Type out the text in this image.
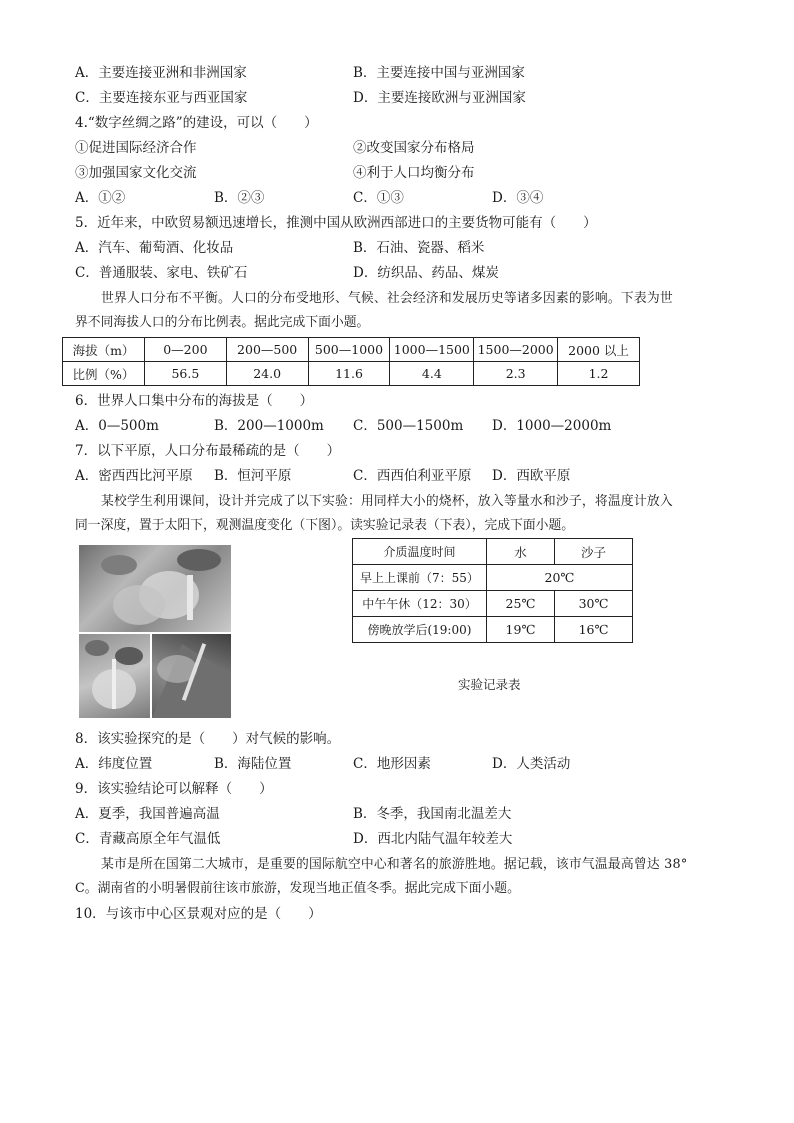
A．主要连接亚洲和非洲国家	B．主要连接中国与亚洲国家
C．主要连接东亚与西亚国家	D．主要连接欧洲与亚洲国家
4.“数字丝绸之路”的建设，可以（　　）
①促进国际经济合作	②改变国家分布格局
③加强国家文化交流	④利于人口均衡分布
A．①②	B．②③	C．①③	D．③④
5．近年来，中欧贸易额迅速增长，推测中国从欧洲西部进口的主要货物可能有（　　）
A．汽车、葡萄酒、化妆品	B．石油、瓷器、稻米
C．普通服装、家电、铁矿石	D．纺织品、药品、煤炭
世界人口分布不平衡。人口的分布受地形、气候、社会经济和发展历史等诸多因素的影响。下表为世
界不同海拔人口的分布比例表。据此完成下面小题。
海拔（m）	0—200	200—500	500—1000	1000—1500	1500—2000	2000 以上
比例（%）	56.5	24.0	11.6	4.4	2.3	1.2
6．世界人口集中分布的海拔是（　　）
A．0—500m	B．200—1000m C．500—1500m D．1000—2000m
7．以下平原，人口分布最稀疏的是（　　）
A．密西西比河平原 B．恒河平原	C．西西伯利亚平原 D．西欧平原
某校学生利用课间，设计并完成了以下实验：用同样大小的烧杯，放入等量水和沙子，将温度计放入
同一深度，置于太阳下，观测温度变化（下图）。读实验记录表（下表），完成下面小题。
介质温度时间	水	沙子
早上上课前（7：55）	20℃	
中午午休（12：30）	25℃	30℃
傍晚放学后(19:00)	19℃	16℃
实验记录表
8．该实验探究的是（　　）对气候的影响。
A．纬度位置	B．海陆位置	C．地形因素	D．人类活动
9．该实验结论可以解释（　　）
A．夏季，我国普遍高温	B．冬季，我国南北温差大
C．青藏高原全年气温低	D．西北内陆气温年较差大
某市是所在国第二大城市，是重要的国际航空中心和著名的旅游胜地。据记载，该市气温最高曾达 38°
C。湖南省的小明暑假前往该市旅游，发现当地正值冬季。据此完成下面小题。
10．与该市中心区景观对应的是（　　）
